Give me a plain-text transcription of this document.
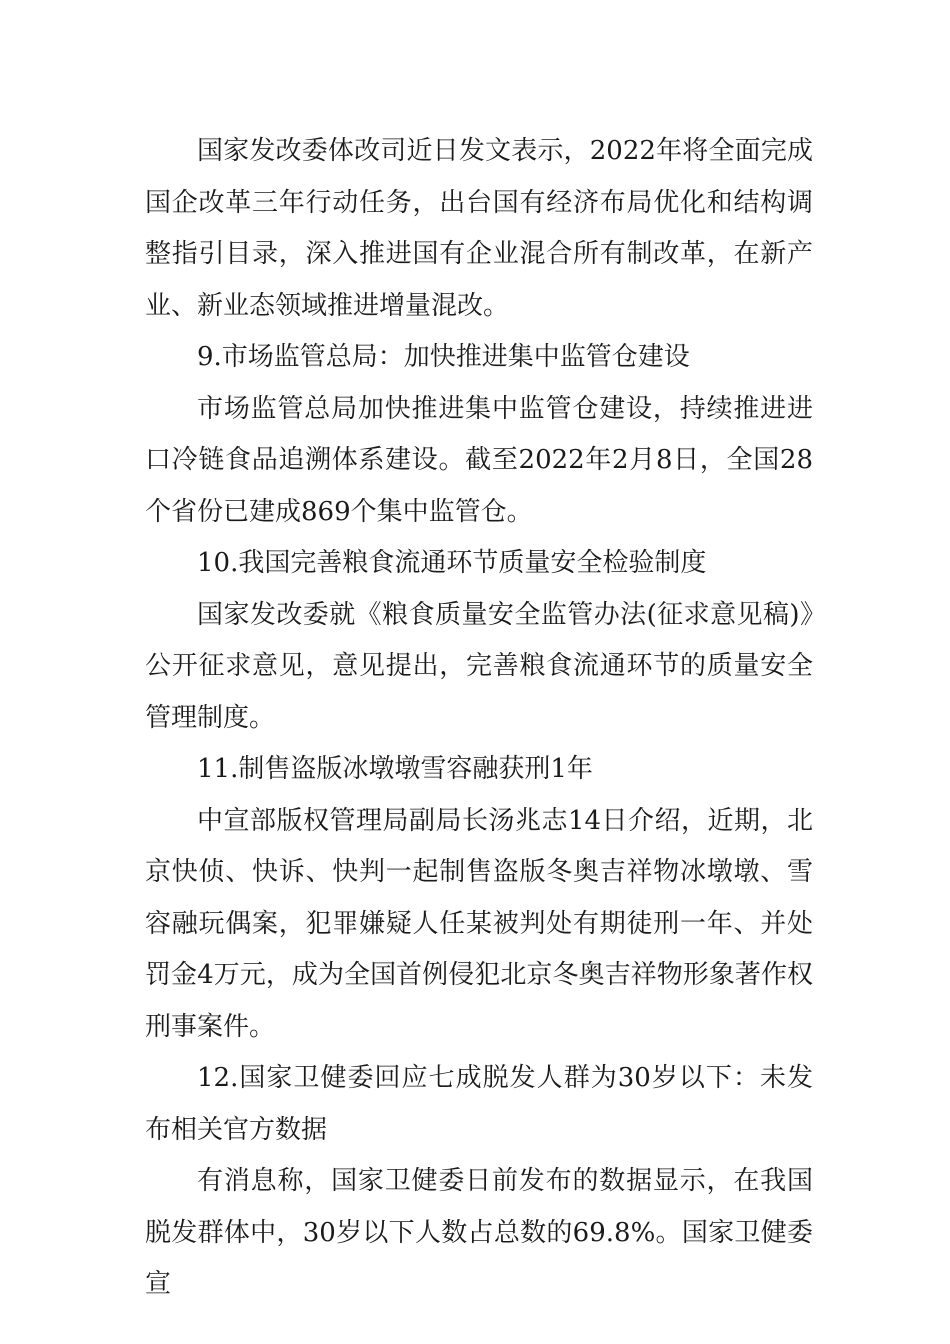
国家发改委体改司近日发文表示，2022年将全面完成国企改革三年行动任务，出台国有经济布局优化和结构调整指引目录，深入推进国有企业混合所有制改革，在新产业、新业态领域推进增量混改。

9.市场监管总局：加快推进集中监管仓建设

市场监管总局加快推进集中监管仓建设，持续推进进口冷链食品追溯体系建设。截至2022年2月8日，全国28个省份已建成869个集中监管仓。

10.我国完善粮食流通环节质量安全检验制度

国家发改委就《粮食质量安全监管办法(征求意见稿)》公开征求意见，意见提出，完善粮食流通环节的质量安全管理制度。

11.制售盗版冰墩墩雪容融获刑1年

中宣部版权管理局副局长汤兆志14日介绍，近期，北京快侦、快诉、快判一起制售盗版冬奥吉祥物冰墩墩、雪容融玩偶案，犯罪嫌疑人任某被判处有期徒刑一年、并处罚金4万元，成为全国首例侵犯北京冬奥吉祥物形象著作权刑事案件。

12.国家卫健委回应七成脱发人群为30岁以下：未发布相关官方数据

有消息称，国家卫健委日前发布的数据显示，在我国脱发群体中，30岁以下人数占总数的69.8%。国家卫健委宣
